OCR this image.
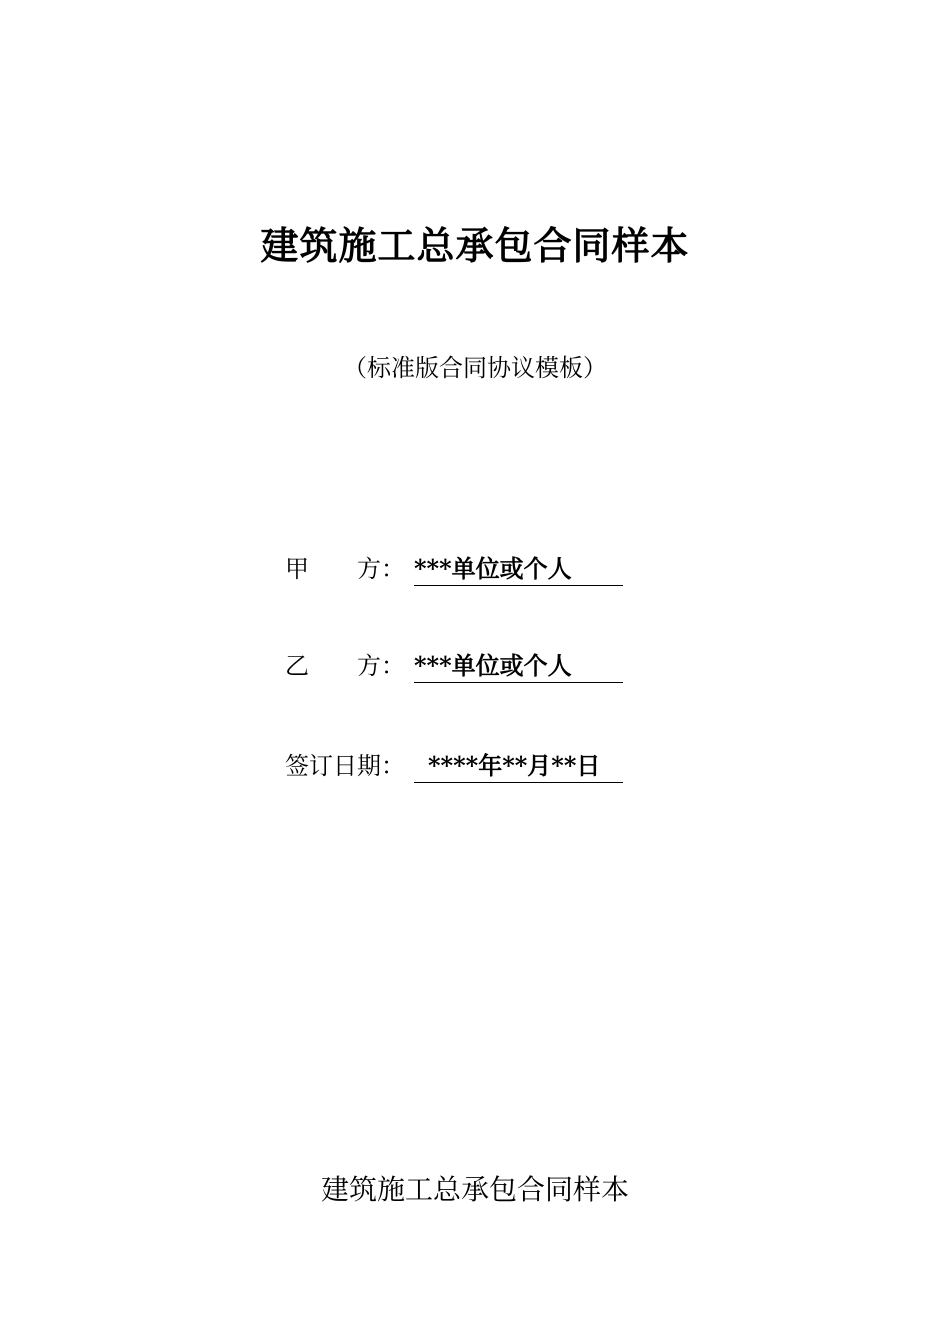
建筑施工总承包合同样本
（标准版合同协议模板）
甲 方： ***单位或个人
乙 方： ***单位或个人
签订日期： ****年**月**日
建筑施工总承包合同样本
